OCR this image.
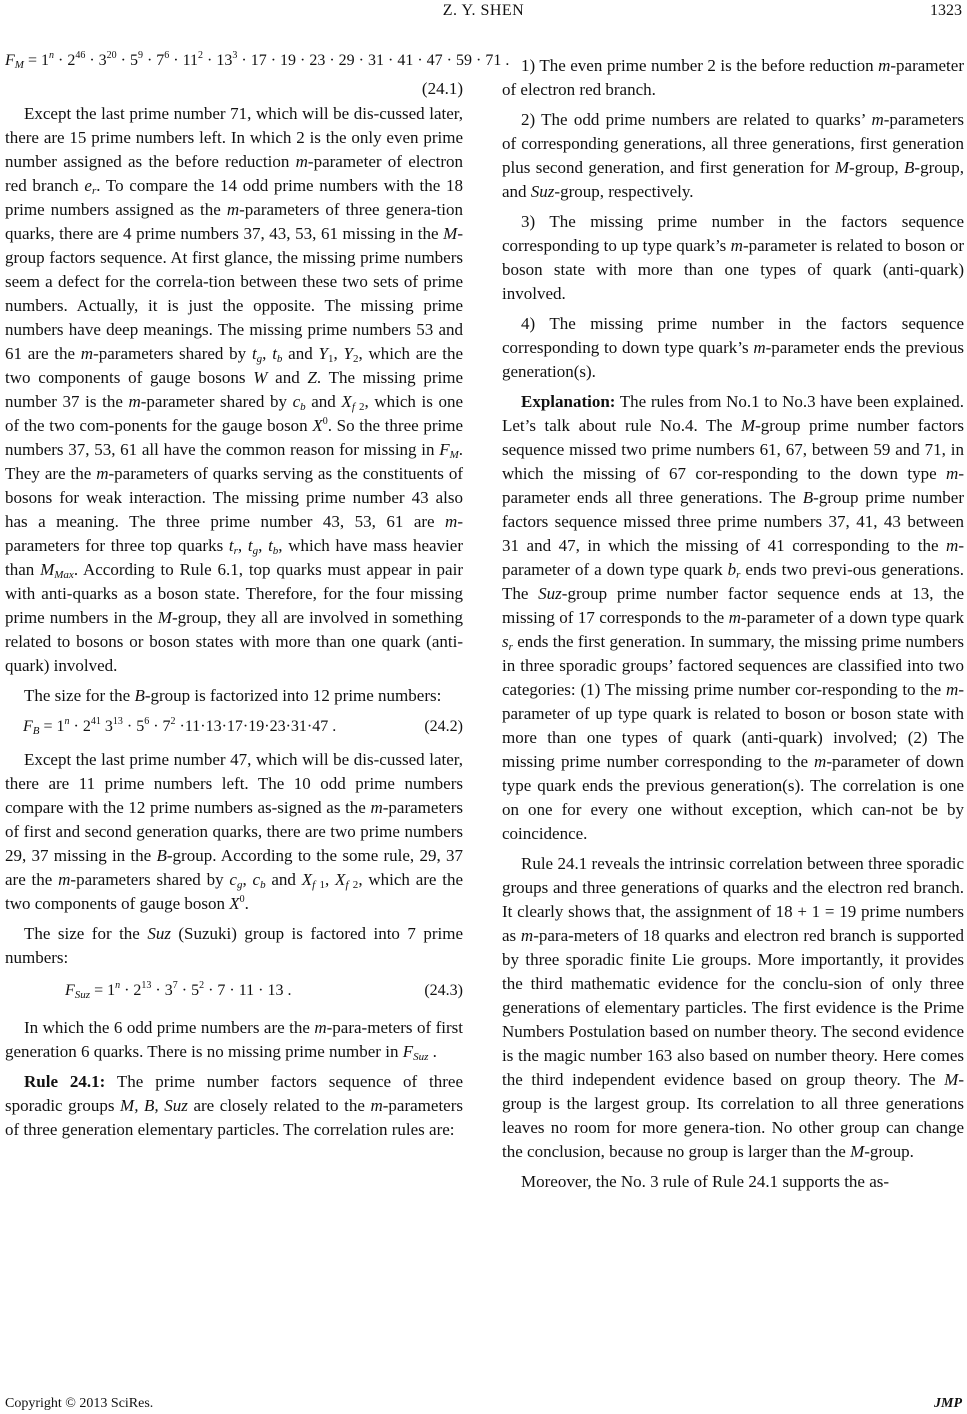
Z. Y. SHEN	1323
$F_M = 1^n \cdot 2^{46} \cdot 3^{20} \cdot 5^9 \cdot 7^6 \cdot 11^2 \cdot 13^3 \cdot 17 \cdot 19 \cdot 23 \cdot 29 \cdot 31 \cdot 41 \cdot 47 \cdot 59 \cdot 71$ .
(24.1)

Except the last prime number 71, which will be dis-cussed later, there are 15 prime numbers left. In which 2 is the only even prime number assigned as the before reduction m-parameter of electron red branch $e_r$. To compare the 14 odd prime numbers with the 18 prime numbers assigned as the m-parameters of three genera-tion quarks, there are 4 prime numbers 37, 43, 53, 61 missing in the M-group factors sequence. At first glance, the missing prime numbers seem a defect for the correla-tion between these two sets of prime numbers. Actually, it is just the opposite. The missing prime numbers have deep meanings. The missing prime numbers 53 and 61 are the m-parameters shared by $t_g$, $t_b$ and $Y_1$, $Y_2$, which are the two components of gauge bosons W and Z. The missing prime number 37 is the m-parameter shared by $c_b$ and $X_{f 2}$, which is one of the two com-ponents for the gauge boson $X^0$. So the three prime numbers 37, 53, 61 all have the common reason for missing in $F_M$. They are the m-parameters of quarks serving as the constituents of bosons for weak interaction. The missing prime number 43 also has a meaning. The three prime number 43, 53, 61 are m-parameters for three top quarks $t_r$, $t_g$, $t_b$, which have mass heavier than $M_{Max}$. According to Rule 6.1, top quarks must appear in pair with anti-quarks as a boson state. Therefore, for the four missing prime numbers in the M-group, they all are involved in something related to bosons or boson states with more than one quark (anti-quark) involved.

The size for the B-group is factorized into 12 prime numbers:

$F_B = 1^n \cdot 2^{41}$ $3^{13} \cdot 5^6 \cdot 7^2 \cdot 11\cdot 13\cdot 17\cdot 19\cdot 23\cdot 31\cdot 47$ .	(24.2)

Except the last prime number 47, which will be dis-cussed later, there are 11 prime numbers left. The 10 odd prime numbers compare with the 12 prime numbers as-signed as the m-parameters of first and second generation quarks, there are two prime numbers 29, 37 missing in the B-group. According to the some rule, 29, 37 are the m-parameters shared by $c_g$, $c_b$ and $X_{f 1}$, $X_{f 2}$, which are the two components of gauge boson $X^0$.

The size for the Suz (Suzuki) group is factored into 7 prime numbers:

$F_{Suz} = 1^n \cdot 2^{13} \cdot 3^7 \cdot 5^2 \cdot 7 \cdot 11 \cdot 13$ .	(24.3)

In which the 6 odd prime numbers are the m-para-meters of first generation 6 quarks. There is no missing prime number in $F_{Suz}$ .

Rule 24.1: The prime number factors sequence of three sporadic groups M, B, Suz are closely related to the m-parameters of three generation elementary particles. The correlation rules are:

1) The even prime number 2 is the before reduction m-parameter of electron red branch.

2) The odd prime numbers are related to quarks’ m-parameters of corresponding generations, all three generations, first generation plus second generation, and first generation for M-group, B-group, and Suz-group, respectively.

3) The missing prime number in the factors sequence corresponding to up type quark’s m-parameter is related to boson or boson state with more than one types of quark (anti-quark) involved.

4) The missing prime number in the factors sequence corresponding to down type quark’s m-parameter ends the previous generation(s).

Explanation: The rules from No.1 to No.3 have been explained. Let’s talk about rule No.4. The M-group prime number factors sequence missed two prime numbers 61, 67, between 59 and 71, in which the missing of 67 cor-responding to the down type m-parameter ends all three generations. The B-group prime number factors sequence missed three prime numbers 37, 41, 43 between 31 and 47, in which the missing of 41 corresponding to the m-parameter of a down type quark $b_r$ ends two previ-ous generations. The Suz-group prime number factor sequence ends at 13, the missing of 17 corresponds to the m-parameter of a down type quark $s_r$ ends the first generation. In summary, the missing prime numbers in three sporadic groups’ factored sequences are classified into two categories: (1) The missing prime number cor-responding to the m-parameter of up type quark is related to boson or boson state with more than one types of quark (anti-quark) involved; (2) The missing prime number corresponding to the m-parameter of down type quark ends the previous generation(s). The correlation is one on one for every one without exception, which can-not be by coincidence.

Rule 24.1 reveals the intrinsic correlation between three sporadic groups and three generations of quarks and the electron red branch. It clearly shows that, the assignment of 18 + 1 = 19 prime numbers as m-para-meters of 18 quarks and electron red branch is supported by three sporadic finite Lie groups. More importantly, it provides the third mathematic evidence for the conclu-sion of only three generations of elementary particles. The first evidence is the Prime Numbers Postulation based on number theory. The second evidence is the magic number 163 also based on number theory. Here comes the third independent evidence based on group theory. The M-group is the largest group. Its correlation to all three generations leaves no room for more genera-tion. No other group can change the conclusion, because no group is larger than the M-group.

Moreover, the No. 3 rule of Rule 24.1 supports the as-

Copyright © 2013 SciRes.	JMP
